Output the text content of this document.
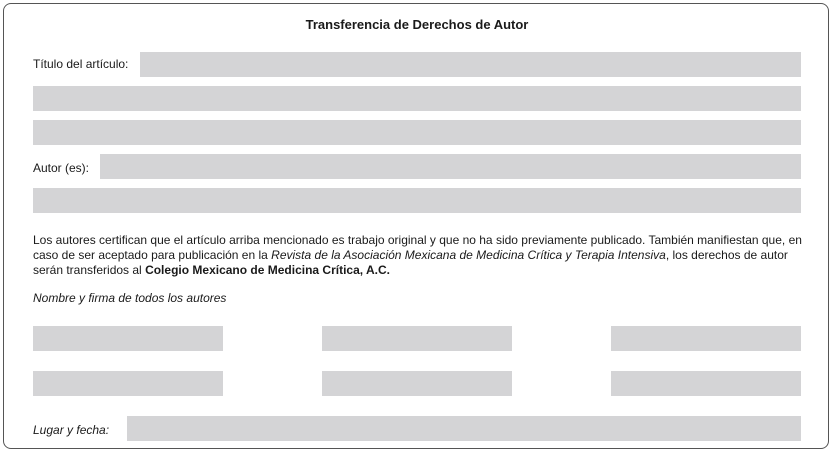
Transferencia de Derechos de Autor
Título del artículo:
Autor (es):
Los autores certifican que el artículo arriba mencionado es trabajo original y que no ha sido previamente publicado. También manifiestan que, en caso de ser aceptado para publicación en la Revista de la Asociación Mexicana de Medicina Crítica y Terapia Intensiva, los derechos de autor serán transferidos al Colegio Mexicano de Medicina Crítica, A.C.
Nombre y firma de todos los autores
Lugar y fecha:
